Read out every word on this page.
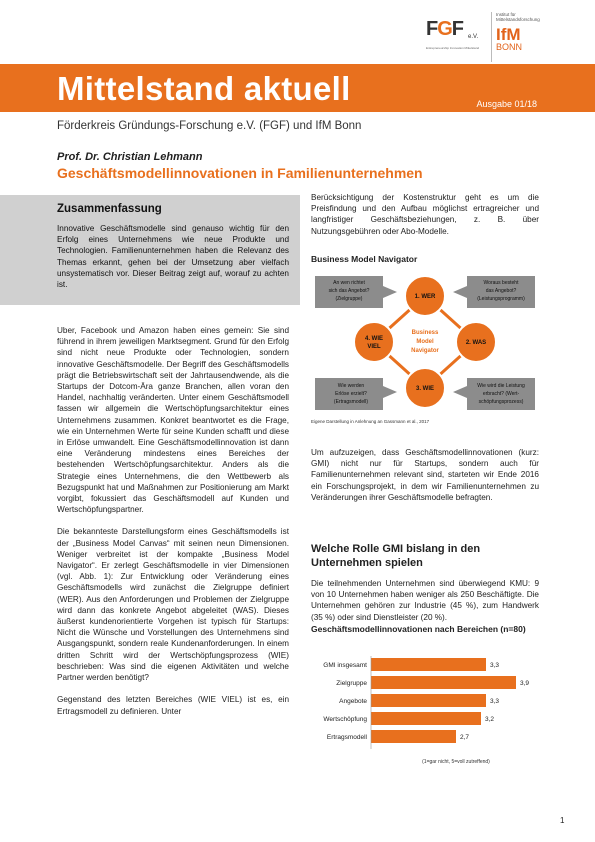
FGF e.V.
Entrepreneurship Innovation Mittelstand
Institut für Mittelstandsforschung
IfM
BONN
Mittelstand aktuell	Ausgabe 01/18
Förderkreis Gründungs-Forschung e.V. (FGF) und IfM Bonn
Prof. Dr. Christian Lehmann
Geschäftsmodellinnovationen in Familienunternehmen
Zusammenfassung
Innovative Geschäftsmodelle sind genauso wichtig für den Erfolg eines Unternehmens wie neue Produkte und Technologien. Familienunternehmen haben die Relevanz des Themas erkannt, gehen bei der Umsetzung aber vielfach unsystematisch vor. Dieser Beitrag zeigt auf, worauf zu achten ist.

Uber, Facebook und Amazon haben eines gemein: Sie sind führend in ihrem jeweiligen Marktsegment. Grund für den Erfolg sind nicht neue Produkte oder Technologien, sondern innovative Geschäftsmodelle. Der Begriff des Geschäftsmodells prägt die Betriebswirtschaft seit der Jahrtausendwende, als die Startups der Dotcom-Ära ganze Branchen, allen voran den Handel, nachhaltig veränderten. Unter einem Geschäftsmodell fassen wir allgemein die Wertschöpfungsarchitektur eines Unternehmens zusammen. Konkret beantwortet es die Frage, wie ein Unternehmen Werte für seine Kunden schafft und diese in Erlöse umwandelt. Eine Geschäftsmodellinnovation ist dann eine Veränderung mindestens eines Bereiches der bestehenden Wertschöpfungsarchitektur. Anders als die Strategie eines Unternehmens, die den Wettbewerb als Bezugspunkt hat und Maßnahmen zur Positionierung am Markt vorgibt, fokussiert das Geschäftsmodell auf Kunden und Wertschöpfungspartner.

Die bekannteste Darstellungsform eines Geschäftsmodells ist der „Business Model Canvas“ mit seinen neun Dimensionen. Weniger verbreitet ist der kompakte „Business Model Navigator“. Er zerlegt Geschäftsmodelle in vier Dimensionen (vgl. Abb. 1): Zur Entwicklung oder Veränderung eines Geschäftsmodells wird zunächst die Zielgruppe definiert (WER). Aus den Anforderungen und Problemen der Zielgruppe wird dann das konkrete Angebot abgeleitet (WAS). Dieses äußerst kundenorientierte Vorgehen ist typisch für Startups: Nicht die Wünsche und Vorstellungen des Unternehmens sind Ausgangspunkt, sondern reale Kundenanforderungen. In einem dritten Schritt wird der Wertschöpfungsprozess (WIE) beschrieben: Was sind die eigenen Aktivitäten und welche Partner werden benötigt?

Gegenstand des letzten Bereiches (WIE VIEL) ist es, ein Ertragsmodell zu definieren. Unter

Berücksichtigung der Kostenstruktur geht es um die Preisfindung und den Aufbau möglichst ertragreicher und langfristiger Geschäftsbeziehungen, z. B. über Nutzungsgebühren oder Abo-Modelle.
Business Model Navigator
An wen richtet
sich das Angebot?
(Zielgruppe)
Woraus besteht
das Angebot?
(Leistungsprogramm)
Wie werden
Erlöse erzielt?
(Ertragsmodell)
Wie wird die Leistung
erbracht? (Wert-
schöpfungsprozess)
Business
Model
Navigator
1. WER
2. WAS
3. WIE
4. WIE
VIEL
Eigene Darstellung in Anlehnung an Gassmann et al., 2017
Um aufzuzeigen, dass Geschäftsmodellinnovationen (kurz: GMI) nicht nur für Startups, sondern auch für Familienunternehmen relevant sind, starteten wir Ende 2016 ein Forschungsprojekt, in dem wir Familienunternehmen zu Veränderungen ihrer Geschäftsmodelle befragten.
Welche Rolle GMI bislang in den Unternehmen spielen
Die teilnehmenden Unternehmen sind überwiegend KMU: 9 von 10 Unternehmen haben weniger als 250 Beschäftigte. Die Unternehmen gehören zur Industrie (45 %), zum Handwerk (35 %) oder sind Dienstleister (20 %).
Geschäftsmodellinnovationen nach Bereichen (n=80)
GMI insgesamt	3,3
Zielgruppe	3,9
Angebote	3,3
Wertschöpfung	3,2
Ertragsmodell	2,7
(1=gar nicht, 5=voll zutreffend)
1
